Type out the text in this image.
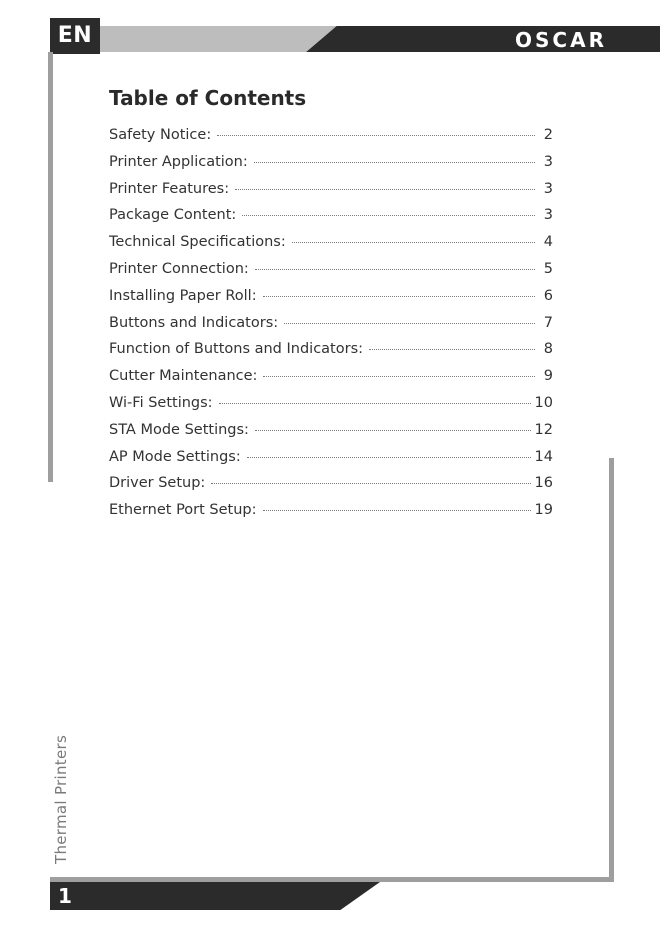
EN	OSCAR
Table of Contents
Safety Notice:	2
Printer Application:	3
Printer Features:	3
Package Content:	3
Technical Specifications:	4
Printer Connection:	5
Installing Paper Roll:	6
Buttons and Indicators:	7
Function of Buttons and Indicators:	8
Cutter Maintenance:	9
Wi-Fi Settings:	10
STA Mode Settings:	12
AP Mode Settings:	14
Driver Setup:	16
Ethernet Port Setup:	19
Thermal Printers
1
